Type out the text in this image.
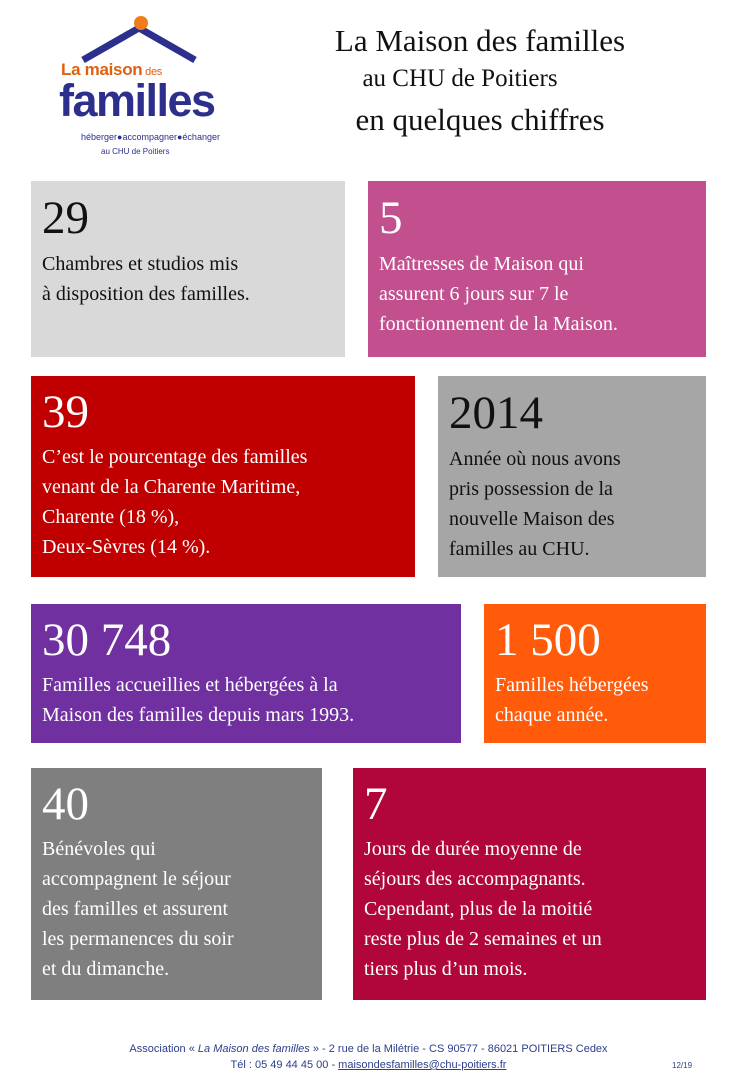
La maison des
familles
héberger●accompagner●échanger
au CHU de Poitiers
La Maison des familles
au CHU de Poitiers
en quelques chiffres
29
Chambres et studios mis
à disposition des familles.
5
Maîtresses de Maison qui
assurent 6 jours sur 7 le
fonctionnement de la Maison.
39
C’est le pourcentage des familles
venant de la Charente Maritime,
Charente (18 %),
Deux-Sèvres (14 %).
2014
Année où nous avons
pris possession de la
nouvelle Maison des
familles au CHU.
30 748
Familles accueillies et hébergées à la
Maison des familles depuis mars 1993.
1 500
Familles hébergées
chaque année.
40
Bénévoles qui
accompagnent le séjour
des familles et assurent
les permanences du soir
et du dimanche.
7
Jours de durée moyenne de
séjours des accompagnants.
Cependant, plus de la moitié
reste plus de 2 semaines et un
tiers plus d’un mois.
Association « La Maison des familles » - 2 rue de la Milétrie - CS 90577 - 86021 POITIERS Cedex
Tél : 05 49 44 45 00 - maisondesfamilles@chu-poitiers.fr	12/19
